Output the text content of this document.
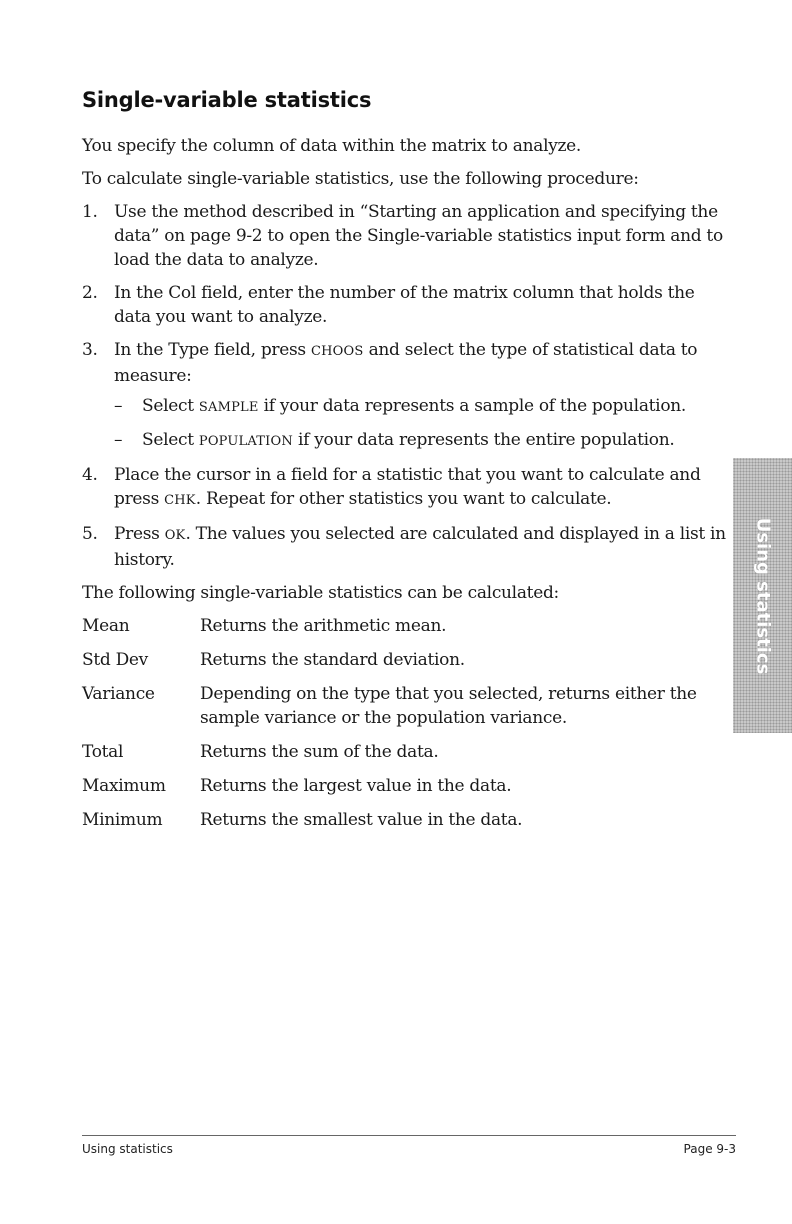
Single-variable statistics

You specify the column of data within the matrix to analyze.

To calculate single-variable statistics, use the following procedure:

1. Use the method described in “Starting an application and specifying the data” on page 9-2 to open the Single-variable statistics input form and to load the data to analyze.
2. In the Col field, enter the number of the matrix column that holds the data you want to analyze.
3. In the Type field, press CHOOS and select the type of statistical data to measure:
– Select SAMPLE if your data represents a sample of the population.
– Select POPULATION if your data represents the entire population.
4. Place the cursor in a field for a statistic that you want to calculate and press CHK. Repeat for other statistics you want to calculate.
5. Press OK. The values you selected are calculated and displayed in a list in history.

The following single-variable statistics can be calculated:

Mean	Returns the arithmetic mean.
Std Dev	Returns the standard deviation.
Variance	Depending on the type that you selected, returns either the sample variance or the population variance.
Total	Returns the sum of the data.
Maximum	Returns the largest value in the data.
Minimum	Returns the smallest value in the data.
Using statistics
Using statistics	Page 9-3
